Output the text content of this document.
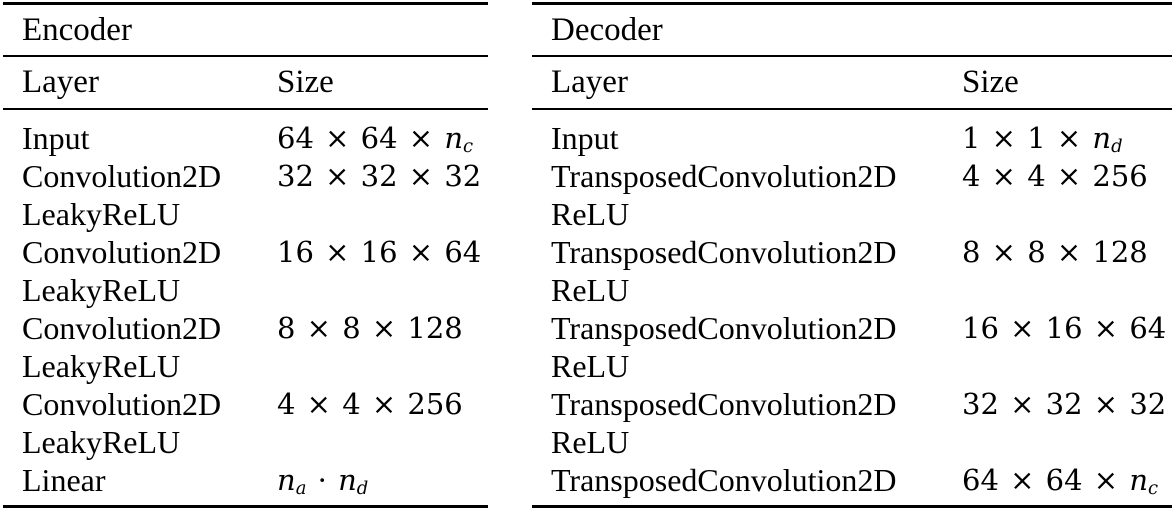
Encoder
Layer	Size
Input	$64 \times 64 \times n_c$
Convolution2D	32 × 32 × 32
LeakyReLU
Convolution2D	16 × 16 × 64
LeakyReLU
Convolution2D	8 × 8 × 128
LeakyReLU
Convolution2D	4 × 4 × 256
LeakyReLU
Linear	$n_a \cdot n_d$
Decoder
Layer	Size
Input	$1 \times 1 \times n_d$
TransposedConvolution2D	4 × 4 × 256
ReLU
TransposedConvolution2D	8 × 8 × 128
ReLU
TransposedConvolution2D	16 × 16 × 64
ReLU
TransposedConvolution2D	32 × 32 × 32
ReLU
TransposedConvolution2D	$64 \times 64 \times n_c$
